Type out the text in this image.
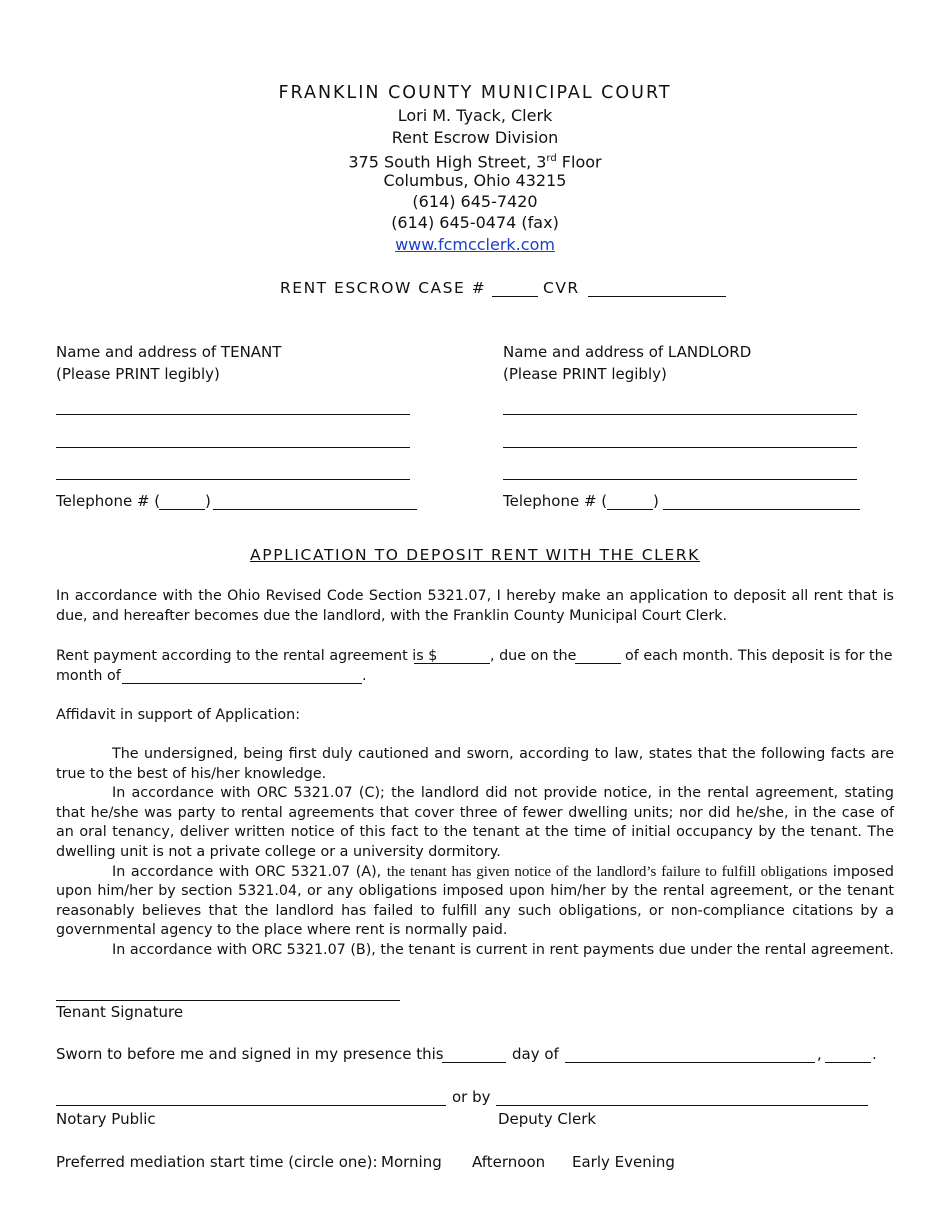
FRANKLIN COUNTY MUNICIPAL COURT
Lori M. Tyack, Clerk
Rent Escrow Division
375 South High Street, 3rd Floor
Columbus, Ohio 43215
(614) 645-7420
(614) 645-0474 (fax)
www.fcmcclerk.com
RENT ESCROW CASE #	CVR
Name and address of TENANT
(Please PRINT legibly)
Telephone # (	)
Name and address of LANDLORD
(Please PRINT legibly)
Telephone # (	)
APPLICATION TO DEPOSIT RENT WITH THE CLERK
In accordance with the Ohio Revised Code Section 5321.07, I hereby make an application to deposit all rent that is due, and hereafter becomes due the landlord, with the Franklin County Municipal Court Clerk.
Rent payment according to the rental agreement is $	, due on the	of each month. This deposit is for the
month of	.
Affidavit in support of Application:
The undersigned, being first duly cautioned and sworn, according to law, states that the following facts are true to the best of his/her knowledge.
In accordance with ORC 5321.07 (C); the landlord did not provide notice, in the rental agreement, stating that he/she was party to rental agreements that cover three of fewer dwelling units; nor did he/she, in the case of an oral tenancy, deliver written notice of this fact to the tenant at the time of initial occupancy by the tenant. The dwelling unit is not a private college or a university dormitory.
In accordance with ORC 5321.07 (A), the tenant has given notice of the landlord’s failure to fulfill obligations imposed upon him/her by section 5321.04, or any obligations imposed upon him/her by the rental agreement, or the tenant reasonably believes that the landlord has failed to fulfill any such obligations, or non-compliance citations by a governmental agency to the place where rent is normally paid.
In accordance with ORC 5321.07 (B), the tenant is current in rent payments due under the rental agreement.
Tenant Signature
Sworn to before me and signed in my presence this	day of	,	.
or by
Notary Public	Deputy Clerk
Preferred mediation start time (circle one): Morning Afternoon Early Evening
